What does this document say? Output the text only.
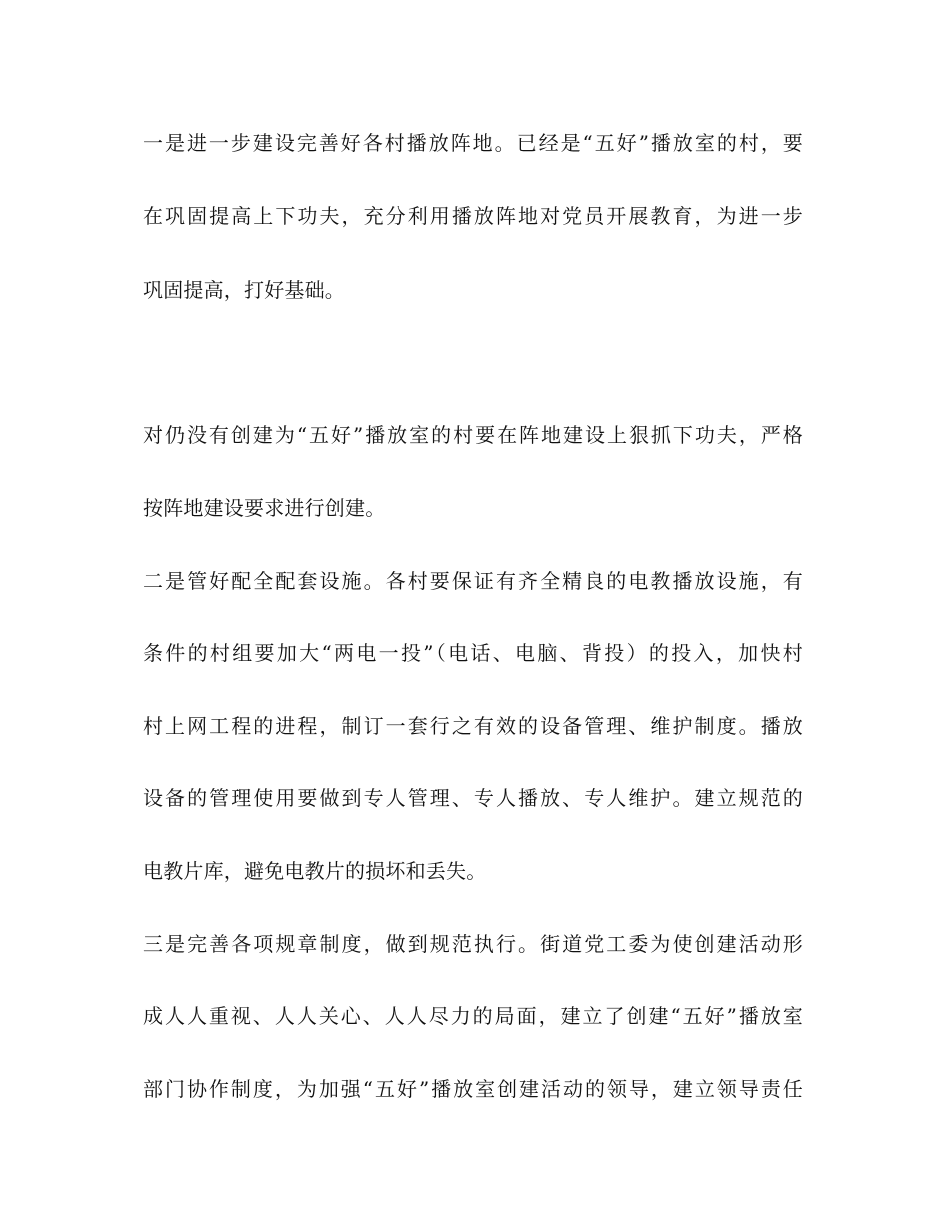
一是进一步建设完善好各村播放阵地。已经是“五好”播放室的村，要

在巩固提高上下功夫，充分利用播放阵地对党员开展教育，为进一步

巩固提高，打好基础。

对仍没有创建为“五好”播放室的村要在阵地建设上狠抓下功夫，严格

按阵地建设要求进行创建。

二是管好配全配套设施。各村要保证有齐全精良的电教播放设施，有

条件的村组要加大“两电一投”（电话、电脑、背投）的投入，加快村

村上网工程的进程，制订一套行之有效的设备管理、维护制度。播放

设备的管理使用要做到专人管理、专人播放、专人维护。建立规范的

电教片库，避免电教片的损坏和丢失。

三是完善各项规章制度，做到规范执行。街道党工委为使创建活动形

成人人重视、人人关心、人人尽力的局面，建立了创建“五好”播放室

部门协作制度，为加强“五好”播放室创建活动的领导，建立领导责任
